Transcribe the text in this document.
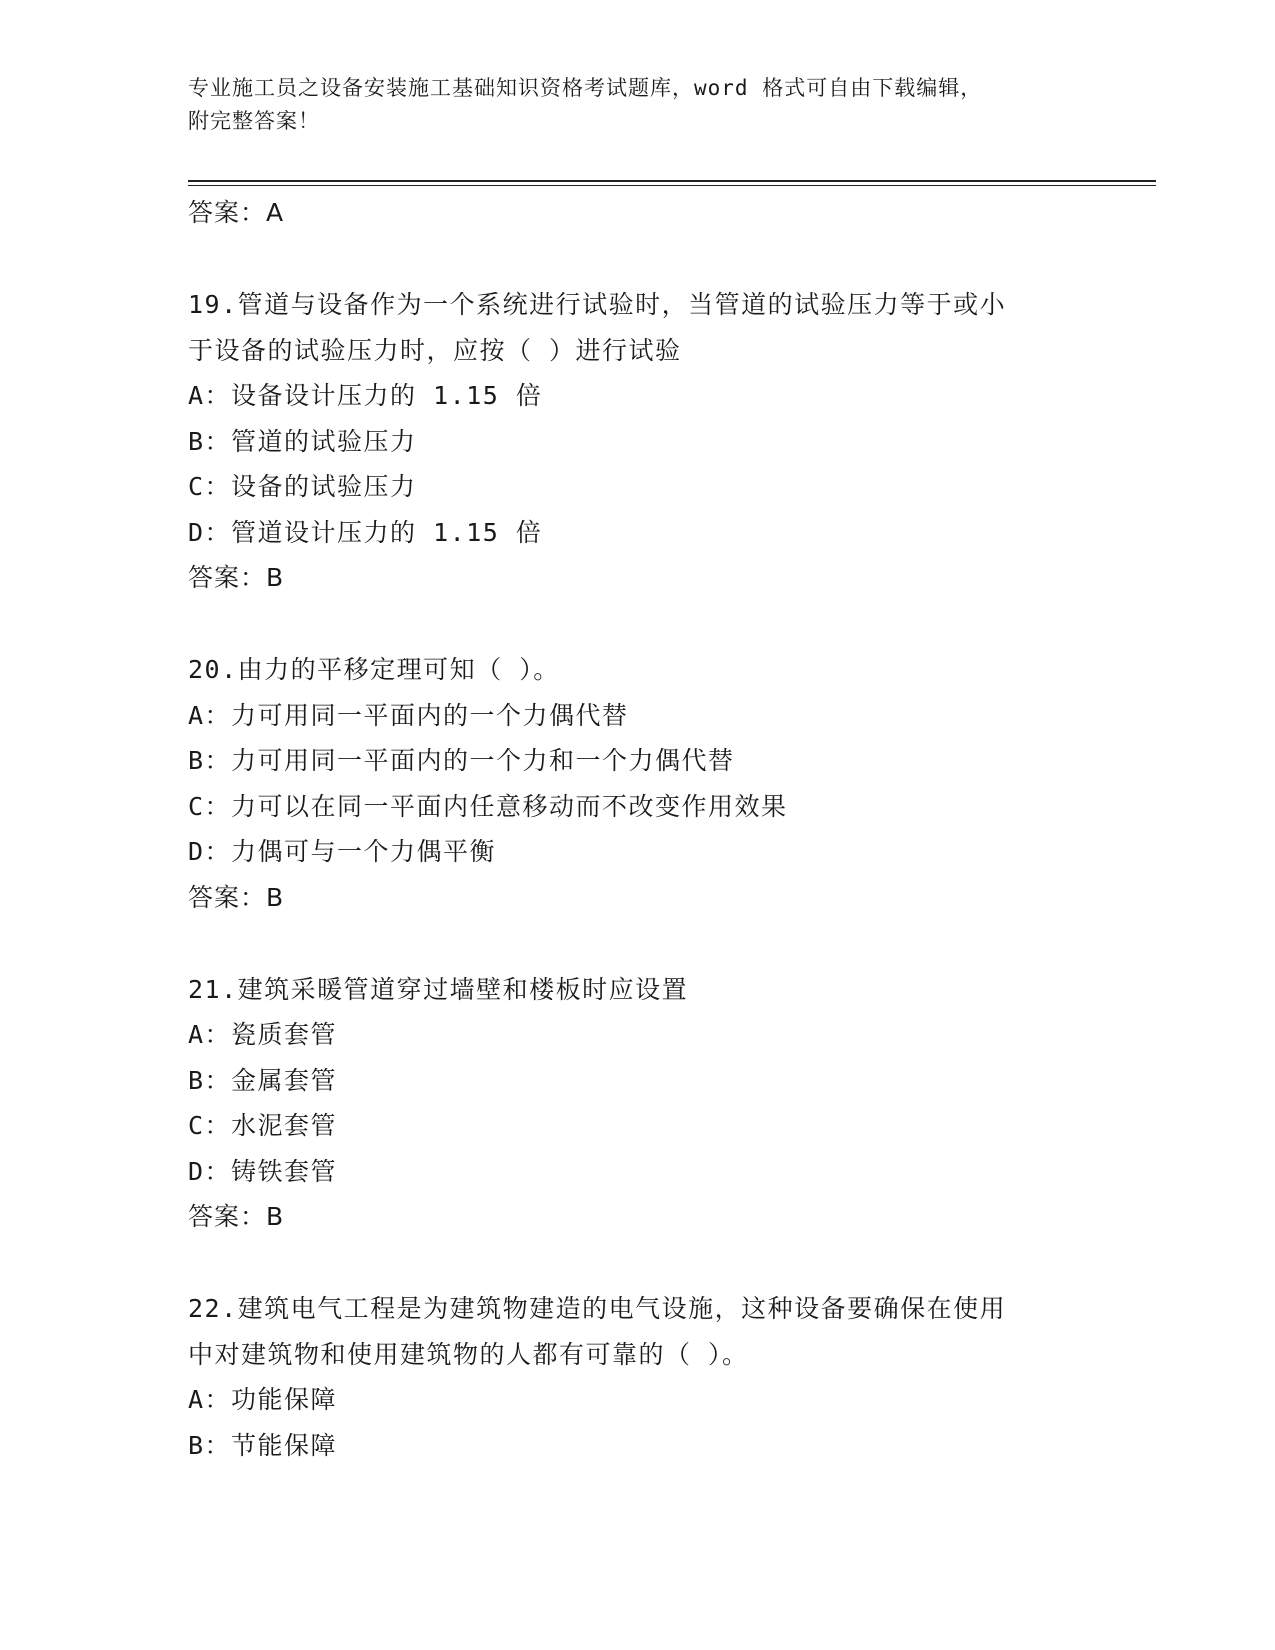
专业施工员之设备安装施工基础知识资格考试题库，word 格式可自由下载编辑，
附完整答案！
答案：A
19.管道与设备作为一个系统进行试验时，当管道的试验压力等于或小
于设备的试验压力时，应按（ ）进行试验
A：设备设计压力的 1.15 倍
B：管道的试验压力
C：设备的试验压力
D：管道设计压力的 1.15 倍
答案：B
20.由力的平移定理可知（ ）。
A：力可用同一平面内的一个力偶代替
B：力可用同一平面内的一个力和一个力偶代替
C：力可以在同一平面内任意移动而不改变作用效果
D：力偶可与一个力偶平衡
答案：B
21.建筑采暖管道穿过墙壁和楼板时应设置
A：瓷质套管
B：金属套管
C：水泥套管
D：铸铁套管
答案：B
22.建筑电气工程是为建筑物建造的电气设施，这种设备要确保在使用
中对建筑物和使用建筑物的人都有可靠的（ ）。
A：功能保障
B：节能保障
